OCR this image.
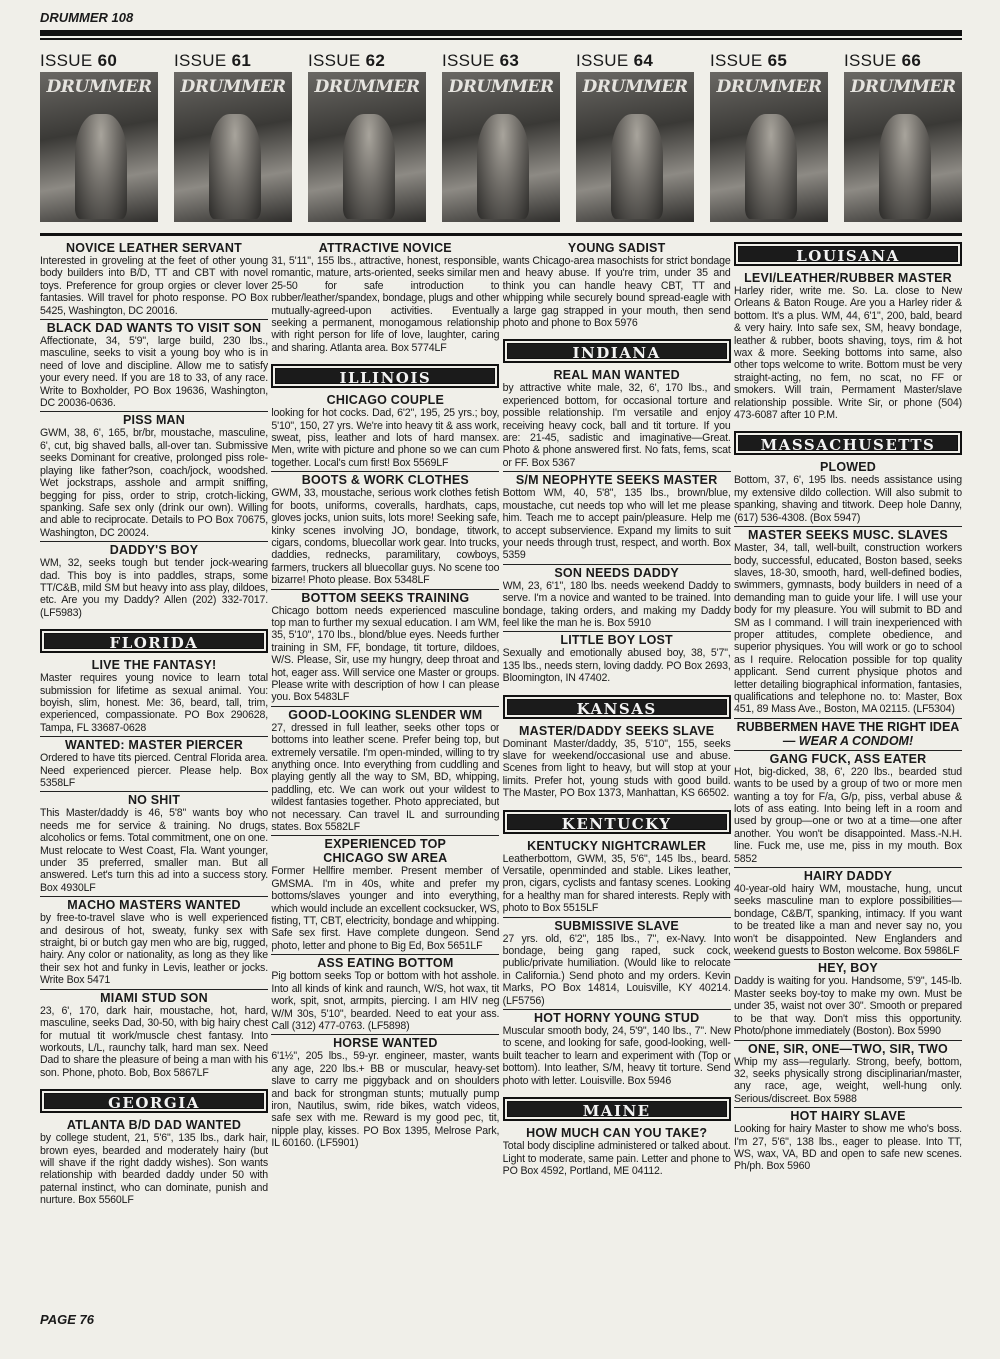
DRUMMER 108
ISSUE 60
DRUMMER
ISSUE 61
DRUMMER
ISSUE 62
DRUMMER
ISSUE 63
DRUMMER
ISSUE 64
DRUMMER
ISSUE 65
DRUMMER
ISSUE 66
DRUMMER
NOVICE LEATHER SERVANT
Interested in groveling at the feet of other young body builders into B/D, TT and CBT with novel toys. Preference for group orgies or clever lover fantasies. Will travel for photo response. PO Box 5425, Washington, DC 20016.
BLACK DAD WANTS TO VISIT SON
Affectionate, 34, 5'9", large build, 230 lbs., masculine, seeks to visit a young boy who is in need of love and discipline. Allow me to satisfy your every need. If you are 18 to 33, of any race. Write to Boxholder, PO Box 19636, Washington, DC 20036-0636.
PISS MAN
GWM, 38, 6', 165, br/br, moustache, masculine, 6', cut, big shaved balls, all-over tan. Submissive seeks Dominant for creative, prolonged piss role-playing like father?son, coach/jock, woodshed. Wet jockstraps, asshole and armpit sniffing, begging for piss, order to strip, crotch-licking, spanking. Safe sex only (drink our own). Willing and able to reciprocate. Details to PO Box 70675, Washington, DC 20024.
DADDY'S BOY
WM, 32, seeks tough but tender jock-wearing dad. This boy is into paddles, straps, some TT/C&B, mild SM but heavy into ass play, dildoes, etc. Are you my Daddy? Allen (202) 332-7017. (LF5983)
FLORIDA
LIVE THE FANTASY!
Master requires young novice to learn total submission for lifetime as sexual animal. You: boyish, slim, honest. Me: 36, beard, tall, trim, experienced, compassionate. PO Box 290628, Tampa, FL 33687-0628
WANTED: MASTER PIERCER
Ordered to have tits pierced. Central Florida area. Need experienced piercer. Please help. Box 5358LF
NO SHIT
This Master/daddy is 46, 5'8" wants boy who needs me for service & training. No drugs, alcoholics or fems. Total commitment, one on one. Must relocate to West Coast, Fla. Want younger, under 35 preferred, smaller man. But all answered. Let's turn this ad into a success story. Box 4930LF
MACHO MASTERS WANTED
by free-to-travel slave who is well experienced and desirous of hot, sweaty, funky sex with straight, bi or butch gay men who are big, rugged, hairy. Any color or nationality, as long as they like their sex hot and funky in Levis, leather or jocks. Write Box 5471
MIAMI STUD SON
23, 6', 170, dark hair, moustache, hot, hard, masculine, seeks Dad, 30-50, with big hairy chest for mutual tit work/muscle chest fantasy. Into workouts, L/L, raunchy talk, hard man sex. Need Dad to share the pleasure of being a man with his son. Phone, photo. Bob, Box 5867LF
GEORGIA
ATLANTA B/D DAD WANTED
by college student, 21, 5'6", 135 lbs., dark hair, brown eyes, bearded and moderately hairy (but will shave if the right daddy wishes). Son wants relationship with bearded daddy under 50 with paternal instinct, who can dominate, punish and nurture. Box 5560LF
ATTRACTIVE NOVICE
31, 5'11", 155 lbs., attractive, honest, responsible, romantic, mature, arts-oriented, seeks similar men 25-50 for safe introduction to rubber/leather/spandex, bondage, plugs and other mutually-agreed-upon activities. Eventually seeking a permanent, monogamous relationship with right person for life of love, laughter, caring and sharing. Atlanta area. Box 5774LF
ILLINOIS
CHICAGO COUPLE
looking for hot cocks. Dad, 6'2", 195, 25 yrs.; boy, 5'10", 150, 27 yrs. We're into heavy tit & ass work, sweat, piss, leather and lots of hard mansex. Men, write with picture and phone so we can cum together. Local's cum first! Box 5569LF
BOOTS & WORK CLOTHES
GWM, 33, moustache, serious work clothes fetish for boots, uniforms, coveralls, hardhats, caps, gloves jocks, union suits, lots more! Seeking safe, kinky scenes involving JO, bondage, titwork, cigars, condoms, bluecollar work gear. Into trucks, daddies, rednecks, paramilitary, cowboys, farmers, truckers all bluecollar guys. No scene too bizarre! Photo please. Box 5348LF
BOTTOM SEEKS TRAINING
Chicago bottom needs experienced masculine top man to further my sexual education. I am WM, 35, 5'10", 170 lbs., blond/blue eyes. Needs further training in SM, FF, bondage, tit torture, dildoes, W/S. Please, Sir, use my hungry, deep throat and hot, eager ass. Will service one Master or groups. Please write with description of how I can please you. Box 5483LF
GOOD-LOOKING SLENDER WM
27, dressed in full leather, seeks other tops or bottoms into leather scene. Prefer being top, but extremely versatile. I'm open-minded, willing to try anything once. Into everything from cuddling and playing gently all the way to SM, BD, whipping, paddling, etc. We can work out your wildest to wildest fantasies together. Photo appreciated, but not necessary. Can travel IL and surrounding states. Box 5582LF
EXPERIENCED TOP
CHICAGO SW AREA
Former Hellfire member. Present member of GMSMA. I'm in 40s, white and prefer my bottoms/slaves younger and into everything, which would include an excellent cocksucker, WS, fisting, TT, CBT, electricity, bondage and whipping. Safe sex first. Have complete dungeon. Send photo, letter and phone to Big Ed, Box 5651LF
ASS EATING BOTTOM
Pig bottom seeks Top or bottom with hot asshole. Into all kinds of kink and raunch, W/S, hot wax, tit work, spit, snot, armpits, piercing. I am HIV neg W/M 30s, 5'10", bearded. Need to eat your ass. Call (312) 477-0763. (LF5898)
HORSE WANTED
6'1½", 205 lbs., 59-yr. engineer, master, wants any age, 220 lbs.+ BB or muscular, heavy-set slave to carry me piggyback and on shoulders and back for strongman stunts; mutually pump iron, Nautilus, swim, ride bikes, watch videos, safe sex with me. Reward is my good pec, tit, nipple play, kisses. PO Box 1395, Melrose Park, IL 60160. (LF5901)
YOUNG SADIST
wants Chicago-area masochists for strict bondage and heavy abuse. If you're trim, under 35 and think you can handle heavy CBT, TT and whipping while securely bound spread-eagle with a large gag strapped in your mouth, then send photo and phone to Box 5976
INDIANA
REAL MAN WANTED
by attractive white male, 32, 6', 170 lbs., and experienced bottom, for occasional torture and possible relationship. I'm versatile and enjoy receiving heavy cock, ball and tit torture. If you are: 21-45, sadistic and imaginative—Great. Photo & phone answered first. No fats, fems, scat or FF. Box 5367
S/M NEOPHYTE SEEKS MASTER
Bottom WM, 40, 5'8", 135 lbs., brown/blue, moustache, cut needs top who will let me please him. Teach me to accept pain/pleasure. Help me to accept subservience. Expand my limits to suit your needs through trust, respect, and worth. Box 5359
SON NEEDS DADDY
WM, 23, 6'1", 180 lbs. needs weekend Daddy to serve. I'm a novice and wanted to be trained. Into bondage, taking orders, and making my Daddy feel like the man he is. Box 5910
LITTLE BOY LOST
Sexually and emotionally abused boy, 38, 5'7", 135 lbs., needs stern, loving daddy. PO Box 2693, Bloomington, IN 47402.
KANSAS
MASTER/DADDY SEEKS SLAVE
Dominant Master/daddy, 35, 5'10", 155, seeks slave for weekend/occasional use and abuse. Scenes from light to heavy, but will stop at your limits. Prefer hot, young studs with good build. The Master, PO Box 1373, Manhattan, KS 66502.
KENTUCKY
KENTUCKY NIGHTCRAWLER
Leatherbottom, GWM, 35, 5'6", 145 lbs., beard. Versatile, openminded and stable. Likes leather, pron, cigars, cyclists and fantasy scenes. Looking for a healthy man for shared interests. Reply with photo to Box 5515LF
SUBMISSIVE SLAVE
27 yrs. old, 6'2", 185 lbs., 7", ex-Navy. Into bondage, being gang raped, suck cock, public/private humiliation. (Would like to relocate in California.) Send photo and my orders. Kevin Marks, PO Box 14814, Louisville, KY 40214. (LF5756)
HOT HORNY YOUNG STUD
Muscular smooth body, 24, 5'9", 140 lbs., 7". New to scene, and looking for safe, good-looking, well-built teacher to learn and experiment with (Top or bottom). Into leather, S/M, heavy tit torture. Send photo with letter. Louisville. Box 5946
MAINE
HOW MUCH CAN YOU TAKE?
Total body discipline administered or talked about. Light to moderate, same pain. Letter and phone to PO Box 4592, Portland, ME 04112.
LOUISANA
LEVI/LEATHER/RUBBER MASTER
Harley rider, write me. So. La. close to New Orleans & Baton Rouge. Are you a Harley rider & bottom. It's a plus. WM, 44, 6'1", 200, bald, beard & very hairy. Into safe sex, SM, heavy bondage, leather & rubber, boots shaving, toys, rim & hot wax & more. Seeking bottoms into same, also other tops welcome to write. Bottom must be very straight-acting, no fem, no scat, no FF or smokers. Will train, Permament Master/slave relationship possible. Write Sir, or phone (504) 473-6087 after 10 P.M.
MASSACHUSETTS
PLOWED
Bottom, 37, 6', 195 lbs. needs assistance using my extensive dildo collection. Will also submit to spanking, shaving and titwork. Deep hole Danny, (617) 536-4308. (Box 5947)
MASTER SEEKS MUSC. SLAVES
Master, 34, tall, well-built, construction workers body, successful, educated, Boston based, seeks slaves, 18-30, smooth, hard, well-defined bodies, swimmers, gymnasts, body builders in need of a demanding man to guide your life. I will use your body for my pleasure. You will submit to BD and SM as I command. I will train inexperienced with proper attitudes, complete obedience, and superior physiques. You will work or go to school as I require. Relocation possible for top quality applicant. Send current physique photos and letter detailing biographical information, fantasies, qualifications and telephone no. to: Master, Box 451, 89 Mass Ave., Boston, MA 02115. (LF5304)
RUBBERMEN HAVE THE RIGHT IDEA— WEAR A CONDOM!
GANG FUCK, ASS EATER
Hot, big-dicked, 38, 6', 220 lbs., bearded stud wants to be used by a group of two or more men wanting a toy for F/a, G/p, piss, verbal abuse & lots of ass eating. Into being left in a room and used by group—one or two at a time—one after another. You won't be disappointed. Mass.-N.H. line. Fuck me, use me, piss in my mouth. Box 5852
HAIRY DADDY
40-year-old hairy WM, moustache, hung, uncut seeks masculine man to explore possibilities—bondage, C&B/T, spanking, intimacy. If you want to be treated like a man and never say no, you won't be disappointed. New Englanders and weekend guests to Boston welcome. Box 5986LF
HEY, BOY
Daddy is waiting for you. Handsome, 5'9", 145-lb. Master seeks boy-toy to make my own. Must be under 35, waist not over 30". Smooth or prepared to be that way. Don't miss this opportunity. Photo/phone immediately (Boston). Box 5990
ONE, SIR, ONE—TWO, SIR, TWO
Whip my ass—regularly. Strong, beefy, bottom, 32, seeks physically strong disciplinarian/master, any race, age, weight, well-hung only. Serious/discreet. Box 5988
HOT HAIRY SLAVE
Looking for hairy Master to show me who's boss. I'm 27, 5'6", 138 lbs., eager to please. Into TT, WS, wax, VA, BD and open to safe new scenes. Ph/ph. Box 5960
PAGE 76
